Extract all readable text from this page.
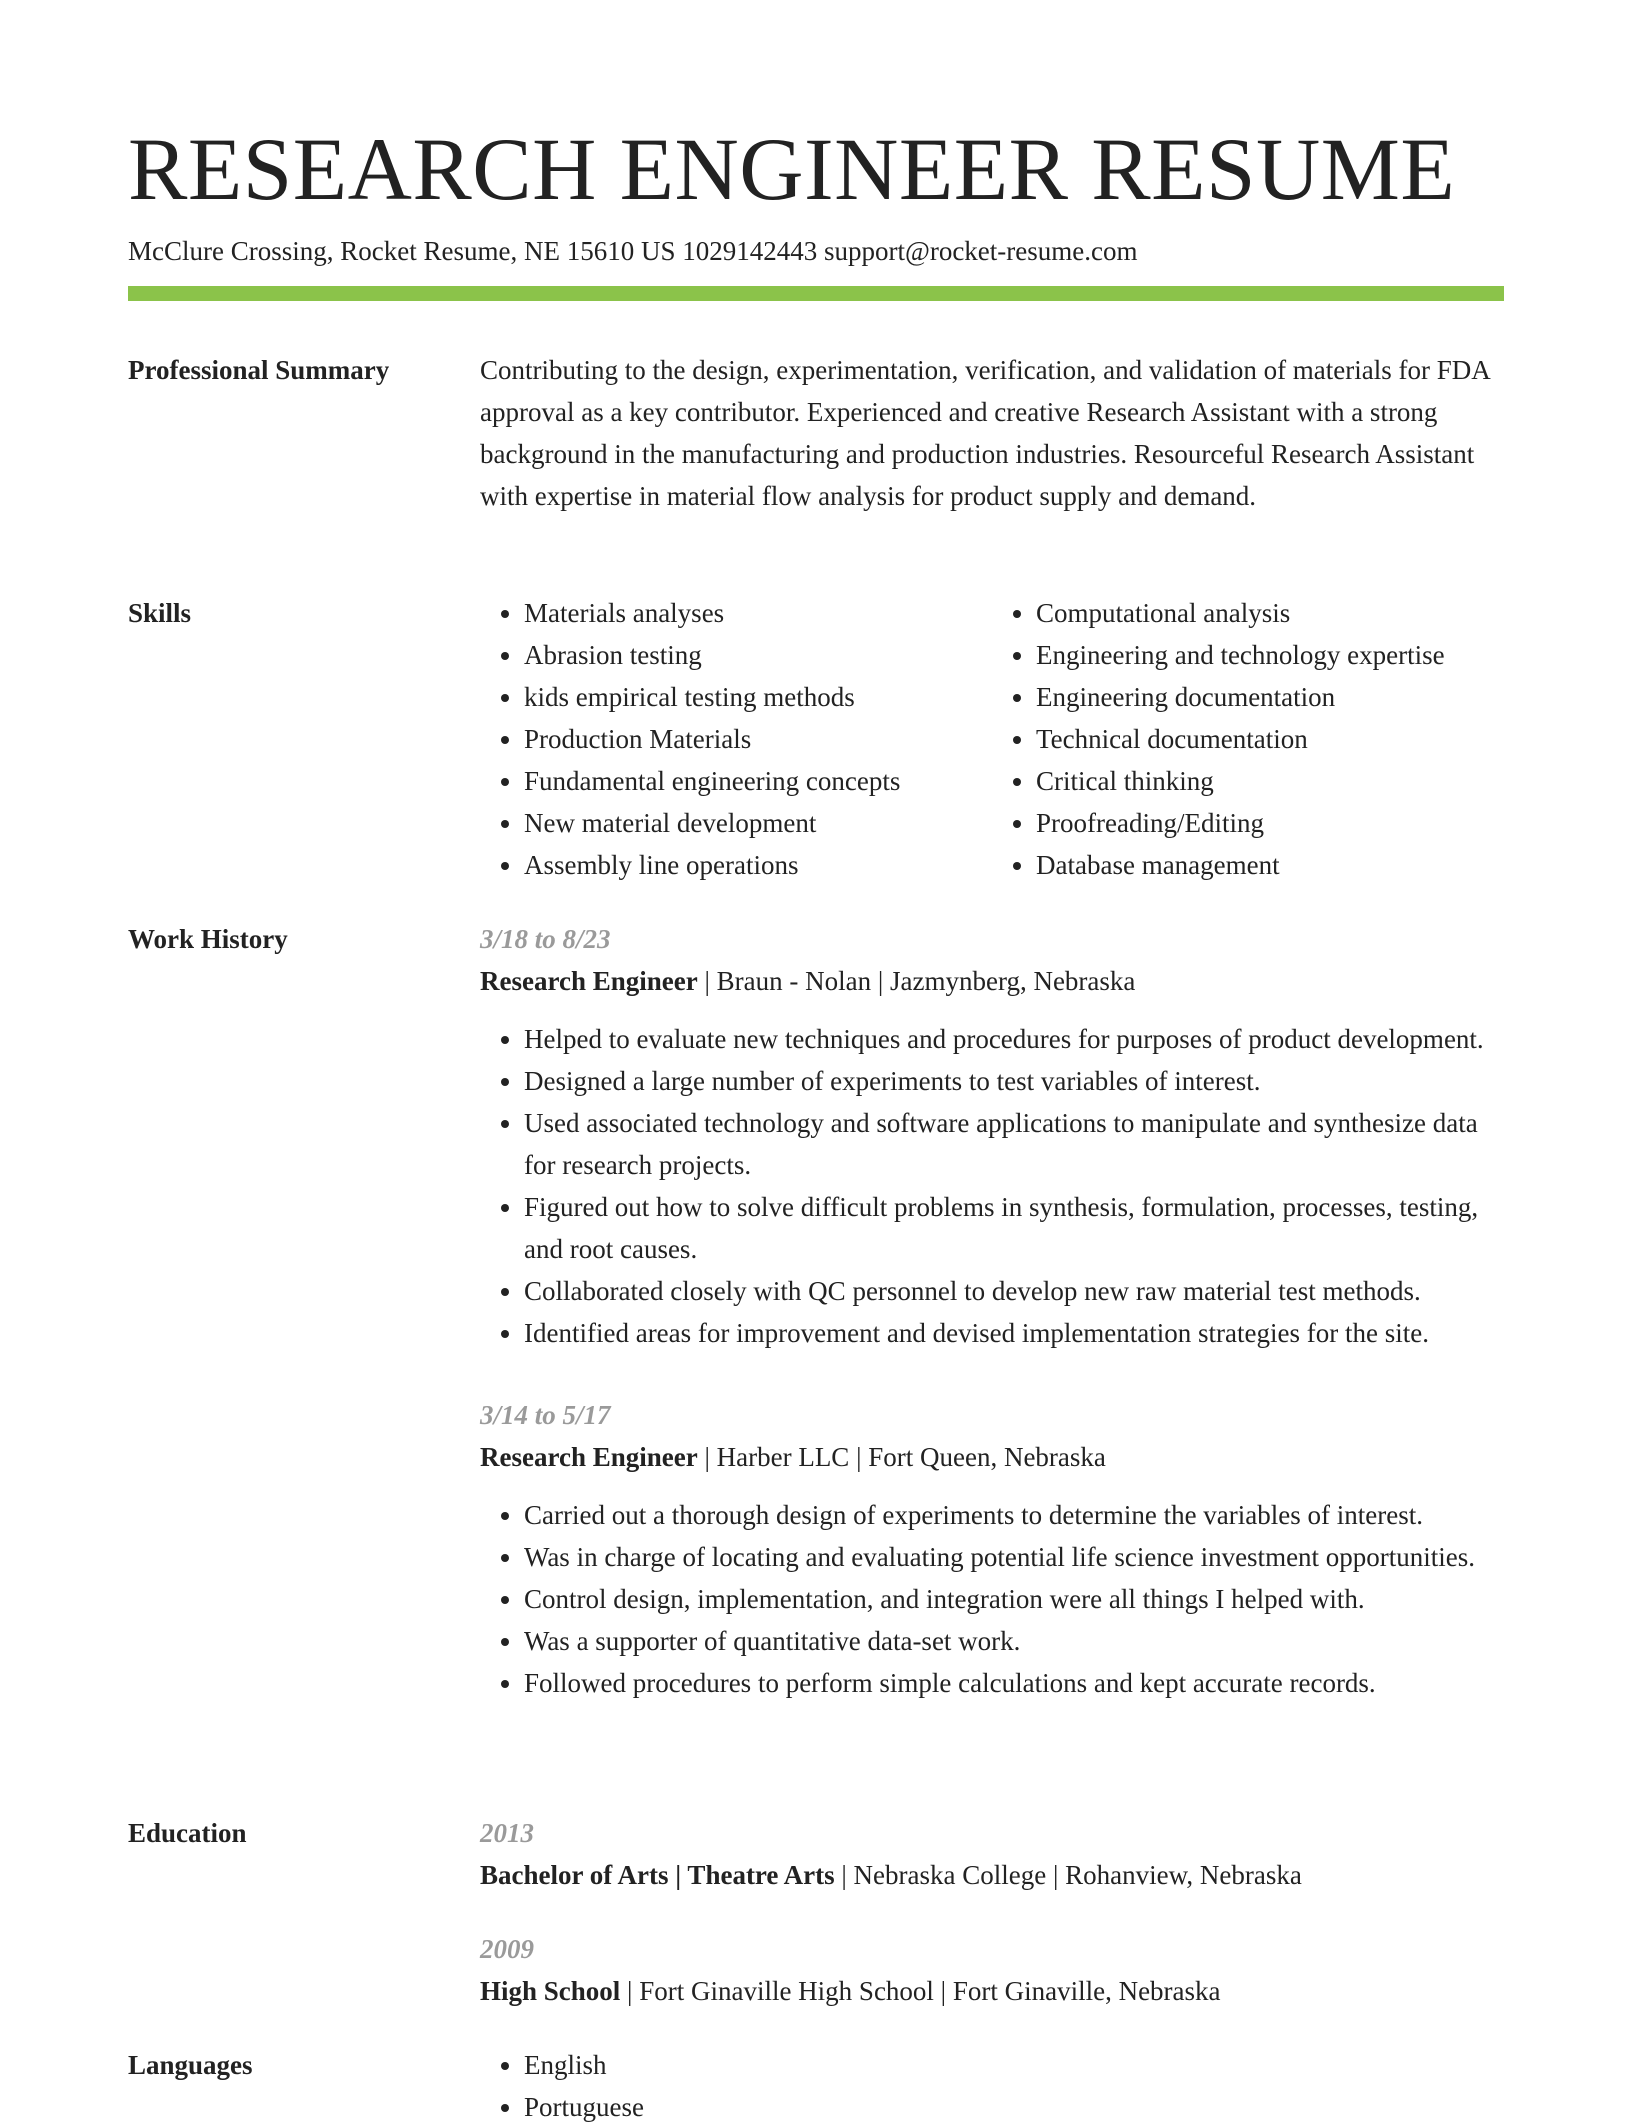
RESEARCH ENGINEER RESUME
McClure Crossing, Rocket Resume, NE 15610 US 1029142443 support@rocket-resume.com
Professional Summary	Contributing to the design, experimentation, verification, and validation of materials for FDA approval as a key contributor. Experienced and creative Research Assistant with a strong background in the manufacturing and production industries. Resourceful Research Assistant with expertise in material flow analysis for product supply and demand.
Skills	• Materials analyses
• Abrasion testing
• kids empirical testing methods
• Production Materials
• Fundamental engineering concepts
• New material development
• Assembly line operations
• Computational analysis
• Engineering and technology expertise
• Engineering documentation
• Technical documentation
• Critical thinking
• Proofreading/Editing
• Database management
Work History	3/18 to 8/23
Research Engineer | Braun - Nolan | Jazmynberg, Nebraska
• Helped to evaluate new techniques and procedures for purposes of product development.
• Designed a large number of experiments to test variables of interest.
• Used associated technology and software applications to manipulate and synthesize data for research projects.
• Figured out how to solve difficult problems in synthesis, formulation, processes, testing, and root causes.
• Collaborated closely with QC personnel to develop new raw material test methods.
• Identified areas for improvement and devised implementation strategies for the site.
3/14 to 5/17
Research Engineer | Harber LLC | Fort Queen, Nebraska
• Carried out a thorough design of experiments to determine the variables of interest.
• Was in charge of locating and evaluating potential life science investment opportunities.
• Control design, implementation, and integration were all things I helped with.
• Was a supporter of quantitative data-set work.
• Followed procedures to perform simple calculations and kept accurate records.
Education	2013
Bachelor of Arts | Theatre Arts | Nebraska College | Rohanview, Nebraska
2009
High School | Fort Ginaville High School | Fort Ginaville, Nebraska
Languages	• English
• Portuguese
